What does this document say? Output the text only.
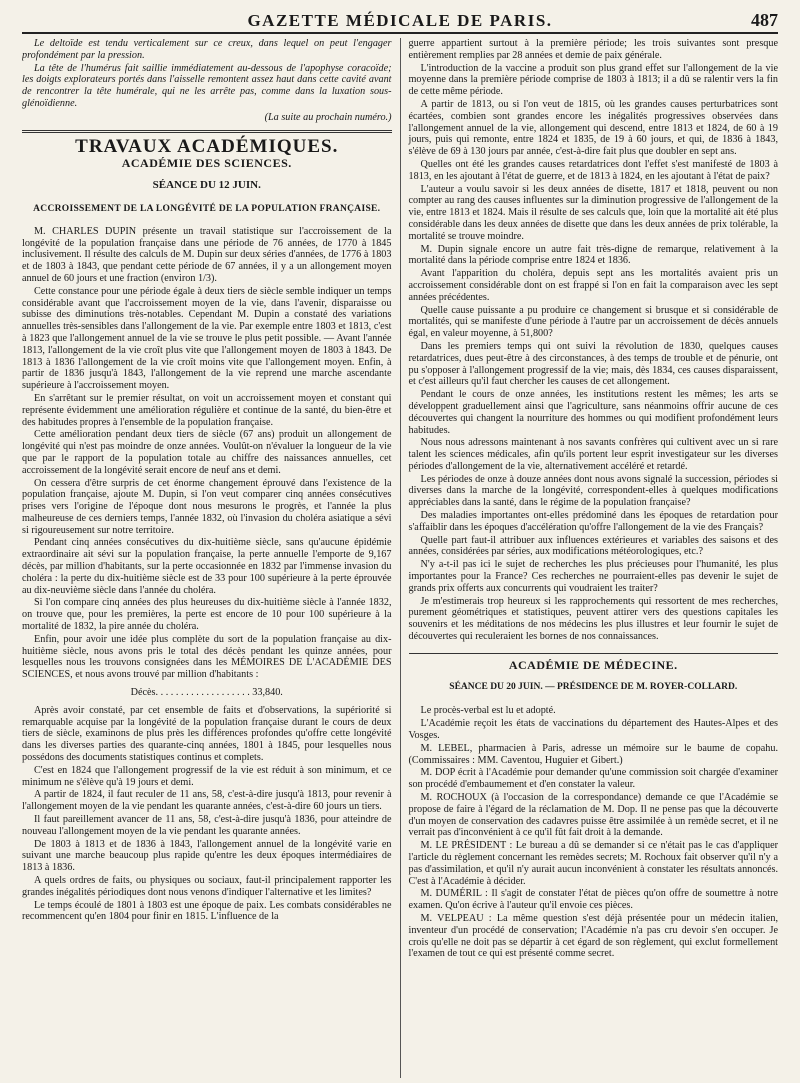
GAZETTE MÉDICALE DE PARIS.	487

Le deltoïde est tendu verticalement sur ce creux, dans lequel on peut l'engager profondément par la pression.

La tête de l'humérus fait saillie immédiatement au-dessous de l'apophyse coracoïde; les doigts explorateurs portés dans l'aisselle remontent assez haut dans cette cavité avant de rencontrer la tête humérale, qui ne les arrête pas, comme dans la luxation sous-glénoïdienne.

(La suite au prochain numéro.)
TRAVAUX ACADÉMIQUES.
ACADÉMIE DES SCIENCES.
SÉANCE DU 12 JUIN.
ACCROISSEMENT DE LA LONGÉVITÉ DE LA POPULATION FRANÇAISE.

M. CHARLES DUPIN présente un travail statistique sur l'accroissement de la longévité de la population française dans une période de 76 années, de 1770 à 1845 inclusivement. Il résulte des calculs de M. Dupin sur deux séries d'années, de 1776 à 1803 et de 1803 à 1843, que pendant cette période de 67 années, il y a un allongement moyen annuel de 60 jours et une fraction (environ 1/3).

Cette constance pour une période égale à deux tiers de siècle semble indiquer un temps considérable avant que l'accroissement moyen de la vie, dans l'avenir, disparaisse ou subisse des diminutions très-notables. Cependant M. Dupin a constaté des variations annuelles très-sensibles dans l'allongement de la vie. Par exemple entre 1803 et 1813, c'est à 1823 que l'allongement annuel de la vie se trouve le plus petit possible. — Avant l'année 1813, l'allongement de la vie croît plus vite que l'allongement moyen de 1803 à 1843. De 1813 à 1836 l'allongement de la vie croît moins vite que l'allongement moyen. Enfin, à partir de 1836 jusqu'à 1843, l'allongement de la vie reprend une marche ascendante supérieure à l'accroissement moyen.

En s'arrêtant sur le premier résultat, on voit un accroissement moyen et constant qui représente évidemment une amélioration régulière et continue de la santé, du bien-être et des habitudes propres à l'ensemble de la population française.

Cette amélioration pendant deux tiers de siècle (67 ans) produit un allongement de longévité qui n'est pas moindre de onze années. Voulût-on n'évaluer la longueur de la vie que par le rapport de la population totale au chiffre des naissances annuelles, cet accroissement de la longévité serait encore de neuf ans et demi.

On cessera d'être surpris de cet énorme changement éprouvé dans l'existence de la population française, ajoute M. Dupin, si l'on veut comparer cinq années consécutives prises vers l'origine de l'époque dont nous mesurons le progrès, et l'année la plus malheureuse de ces derniers temps, l'année 1832, où l'invasion du choléra asiatique a sévi si rigoureusement sur notre territoire.

Pendant cinq années consécutives du dix-huitième siècle, sans qu'aucune épidémie extraordinaire ait sévi sur la population française, la perte annuelle l'emporte de 9,167 décès, par million d'habitants, sur la perte occasionnée en 1832 par l'immense invasion du choléra : la perte du dix-huitième siècle est de 33 pour 100 supérieure à la perte éprouvée au dix-neuvième siècle dans l'année du choléra.

Si l'on compare cinq années des plus heureuses du dix-huitième siècle à l'année 1832, on trouve que, pour les premières, la perte est encore de 10 pour 100 supérieure à la mortalité de 1832, la pire année du choléra.

Enfin, pour avoir une idée plus complète du sort de la population française au dix-huitième siècle, nous avons pris le total des décès pendant les quinze années, pour lesquelles nous les trouvons consignées dans les MÉMOIRES DE L'ACADÉMIE DES SCIENCES, et nous avons trouvé par million d'habitants :

Décès. . . . . . . . . . . . . . . . . . . 33,840.

Après avoir constaté, par cet ensemble de faits et d'observations, la supériorité si remarquable acquise par la longévité de la population française durant le cours de deux tiers de siècle, examinons de plus près les différences profondes qu'offre cette longévité dans les diverses parties des quarante-cinq années, 1801 à 1845, pour lesquelles nous possédons des documents statistiques continus et complets.

C'est en 1824 que l'allongement progressif de la vie est réduit à son minimum, et ce minimum ne s'élève qu'à 19 jours et demi.

A partir de 1824, il faut reculer de 11 ans, 58, c'est-à-dire jusqu'à 1813, pour revenir à l'allongement moyen de la vie pendant les quarante années, c'est-à-dire 60 jours un tiers.

Il faut pareillement avancer de 11 ans, 58, c'est-à-dire jusqu'à 1836, pour atteindre de nouveau l'allongement moyen de la vie pendant les quarante années.

De 1803 à 1813 et de 1836 à 1843, l'allongement annuel de la longévité varie en suivant une marche beaucoup plus rapide qu'entre les deux époques intermédiaires de 1813 à 1836.

A quels ordres de faits, ou physiques ou sociaux, faut-il principalement rapporter les grandes inégalités périodiques dont nous venons d'indiquer l'alternative et les limites?

Le temps écoulé de 1801 à 1803 est une époque de paix. Les combats considérables ne recommencent qu'en 1804 pour finir en 1815. L'influence de la

guerre appartient surtout à la première période; les trois suivantes sont presque entièrement remplies par 28 années et demie de paix générale.

L'introduction de la vaccine a produit son plus grand effet sur l'allongement de la vie moyenne dans la première période comprise de 1803 à 1813; il a dû se ralentir vers la fin de cette même période.

A partir de 1813, ou si l'on veut de 1815, où les grandes causes perturbatrices sont écartées, combien sont grandes encore les inégalités progressives observées dans l'allongement annuel de la vie, allongement qui descend, entre 1813 et 1824, de 60 à 19 jours, puis qui remonte, entre 1824 et 1835, de 19 à 60 jours, et qui, de 1836 à 1843, s'élève de 69 à 130 jours par année, c'est-à-dire fait plus que doubler en sept ans.

Quelles ont été les grandes causes retardatrices dont l'effet s'est manifesté de 1803 à 1813, en les ajoutant à l'état de guerre, et de 1813 à 1824, en les ajoutant à l'état de paix?

L'auteur a voulu savoir si les deux années de disette, 1817 et 1818, peuvent ou non compter au rang des causes influentes sur la diminution progressive de l'allongement de la vie, entre 1813 et 1824. Mais il résulte de ses calculs que, loin que la mortalité ait été plus considérable dans les deux années de disette que dans les deux années de prix tolérable, la mortalité se trouve moindre.

M. Dupin signale encore un autre fait très-digne de remarque, relativement à la mortalité dans la période comprise entre 1824 et 1836.

Avant l'apparition du choléra, depuis sept ans les mortalités avaient pris un accroissement considérable dont on est frappé si l'on en fait la comparaison avec les sept années précédentes.

Quelle cause puissante a pu produire ce changement si brusque et si considérable de mortalités, qui se manifeste d'une période à l'autre par un accroissement de décès annuels égal, en valeur moyenne, à 51,800?

Dans les premiers temps qui ont suivi la révolution de 1830, quelques causes retardatrices, dues peut-être à des circonstances, à des temps de trouble et de pénurie, ont pu s'opposer à l'allongement progressif de la vie; mais, dès 1834, ces causes disparaissent, et c'est ailleurs qu'il faut chercher les causes de cet allongement.

Pendant le cours de onze années, les institutions restent les mêmes; les arts se développent graduellement ainsi que l'agriculture, sans néanmoins offrir aucune de ces découvertes qui changent la nourriture des hommes ou qui modifient profondément leurs habitudes.

Nous nous adressons maintenant à nos savants confrères qui cultivent avec un si rare talent les sciences médicales, afin qu'ils portent leur esprit investigateur sur les diverses périodes d'allongement de la vie, alternativement accéléré et retardé.

Les périodes de onze à douze années dont nous avons signalé la succession, périodes si diverses dans la marche de la longévité, correspondent-elles à quelques modifications appréciables dans la santé, dans le régime de la population française?

Des maladies importantes ont-elles prédominé dans les époques de retardation pour s'affaiblir dans les époques d'accélération qu'offre l'allongement de la vie des Français?

Quelle part faut-il attribuer aux influences extérieures et variables des saisons et des années, considérées par séries, aux modifications météorologiques, etc.?

N'y a-t-il pas ici le sujet de recherches les plus précieuses pour l'humanité, les plus importantes pour la France? Ces recherches ne pourraient-elles pas devenir le sujet de grands prix offerts aux concurrents qui voudraient les traiter?

Je m'estimerais trop heureux si les rapprochements qui ressortent de mes recherches, purement géométriques et statistiques, peuvent attirer vers des questions capitales les souvenirs et les méditations de nos médecins les plus illustres et leur fournir le sujet de découvertes qui reculeraient les bornes de nos connaissances.

ACADÉMIE DE MÉDECINE.
SÉANCE DU 20 JUIN. — PRÉSIDENCE DE M. ROYER-COLLARD.

Le procès-verbal est lu et adopté.

L'Académie reçoit les états de vaccinations du département des Hautes-Alpes et des Vosges.

M. LEBEL, pharmacien à Paris, adresse un mémoire sur le baume de copahu. (Commissaires : MM. Caventou, Huguier et Gibert.)

M. DOP écrit à l'Académie pour demander qu'une commission soit chargée d'examiner son procédé d'embaumement et d'en constater la valeur.

M. ROCHOUX (à l'occasion de la correspondance) demande ce que l'Académie se propose de faire à l'égard de la réclamation de M. Dop. Il ne pense pas que la découverte d'un moyen de conservation des cadavres puisse être assimilée à un remède secret, et il ne verrait pas d'inconvénient à ce qu'il fût fait droit à la demande.

M. LE PRÉSIDENT : Le bureau a dû se demander si ce n'était pas le cas d'appliquer l'article du règlement concernant les remèdes secrets; M. Rochoux fait observer qu'il n'y a pas d'assimilation, et qu'il n'y aurait aucun inconvénient à constater les résultats annoncés. C'est à l'Académie à décider.

M. DUMÉRIL : Il s'agit de constater l'état de pièces qu'on offre de soumettre à notre examen. Qu'on écrive à l'auteur qu'il envoie ces pièces.

M. VELPEAU : La même question s'est déjà présentée pour un médecin italien, inventeur d'un procédé de conservation; l'Académie n'a pas cru devoir s'en occuper. Je crois qu'elle ne doit pas se départir à cet égard de son règlement, qui exclut formellement l'examen de tout ce qui est présenté comme secret.
